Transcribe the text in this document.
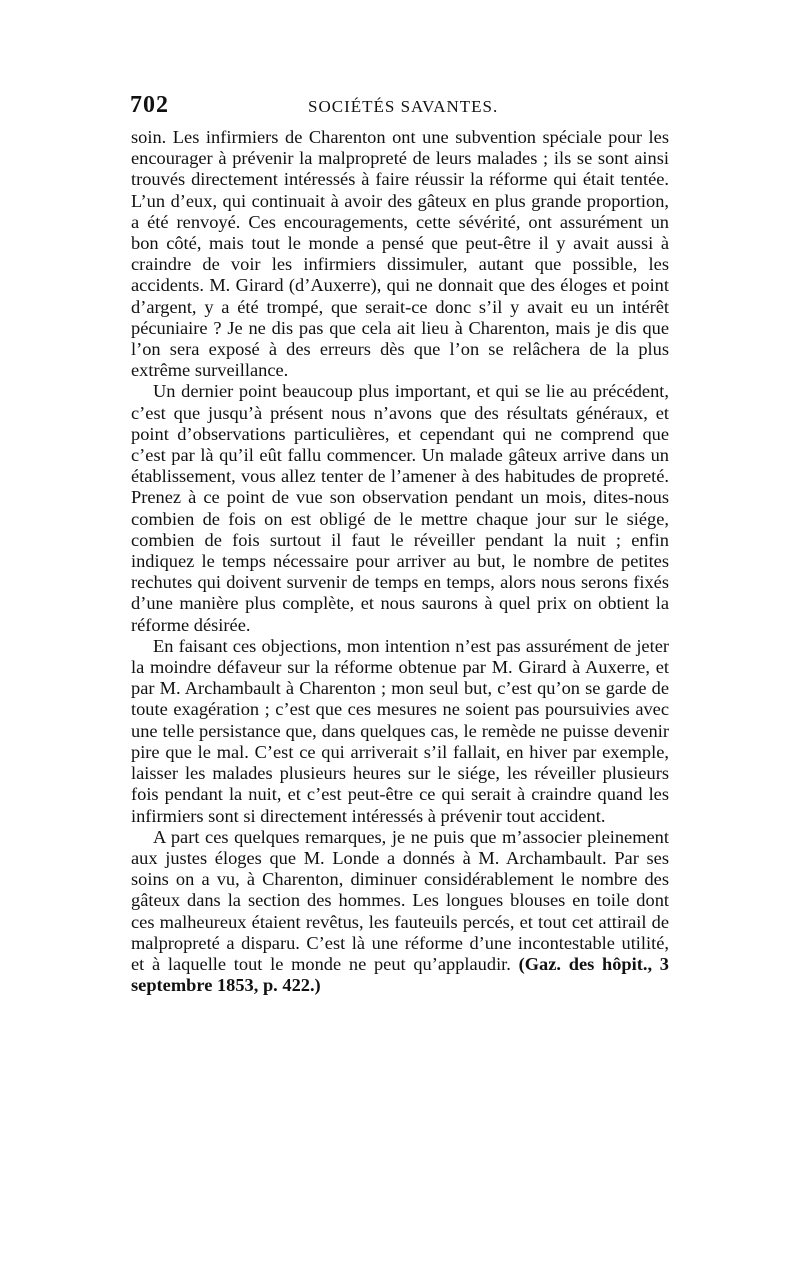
702	SOCIÉTÉS SAVANTES.

soin. Les infirmiers de Charenton ont une subvention spéciale pour les encourager à prévenir la malpropreté de leurs malades ; ils se sont ainsi trouvés directement intéressés à faire réussir la réforme qui était tentée. L’un d’eux, qui continuait à avoir des gâteux en plus grande proportion, a été renvoyé. Ces encouragements, cette sévérité, ont assurément un bon côté, mais tout le monde a pensé que peut-être il y avait aussi à craindre de voir les infirmiers dissimuler, autant que possible, les accidents. M. Girard (d’Auxerre), qui ne donnait que des éloges et point d’argent, y a été trompé, que serait-ce donc s’il y avait eu un intérêt pécuniaire ? Je ne dis pas que cela ait lieu à Charenton, mais je dis que l’on sera exposé à des erreurs dès que l’on se relâchera de la plus extrême surveillance.

Un dernier point beaucoup plus important, et qui se lie au précédent, c’est que jusqu’à présent nous n’avons que des résultats généraux, et point d’observations particulières, et cependant qui ne comprend que c’est par là qu’il eût fallu commencer. Un malade gâteux arrive dans un établissement, vous allez tenter de l’amener à des habitudes de propreté. Prenez à ce point de vue son observation pendant un mois, dites-nous combien de fois on est obligé de le mettre chaque jour sur le siége, combien de fois surtout il faut le réveiller pendant la nuit ; enfin indiquez le temps nécessaire pour arriver au but, le nombre de petites rechutes qui doivent survenir de temps en temps, alors nous serons fixés d’une manière plus complète, et nous saurons à quel prix on obtient la réforme désirée.

En faisant ces objections, mon intention n’est pas assurément de jeter la moindre défaveur sur la réforme obtenue par M. Girard à Auxerre, et par M. Archambault à Charenton ; mon seul but, c’est qu’on se garde de toute exagération ; c’est que ces mesures ne soient pas poursuivies avec une telle persistance que, dans quelques cas, le remède ne puisse devenir pire que le mal. C’est ce qui arriverait s’il fallait, en hiver par exemple, laisser les malades plusieurs heures sur le siége, les réveiller plusieurs fois pendant la nuit, et c’est peut-être ce qui serait à craindre quand les infirmiers sont si directement intéressés à prévenir tout accident.

A part ces quelques remarques, je ne puis que m’associer pleinement aux justes éloges que M. Londe a donnés à M. Archambault. Par ses soins on a vu, à Charenton, diminuer considérablement le nombre des gâteux dans la section des hommes. Les longues blouses en toile dont ces malheureux étaient revêtus, les fauteuils percés, et tout cet attirail de malpropreté a disparu. C’est là une réforme d’une incontestable utilité, et à laquelle tout le monde ne peut qu’applaudir. (Gaz. des hôpit., 3 septembre 1853, p. 422.)
